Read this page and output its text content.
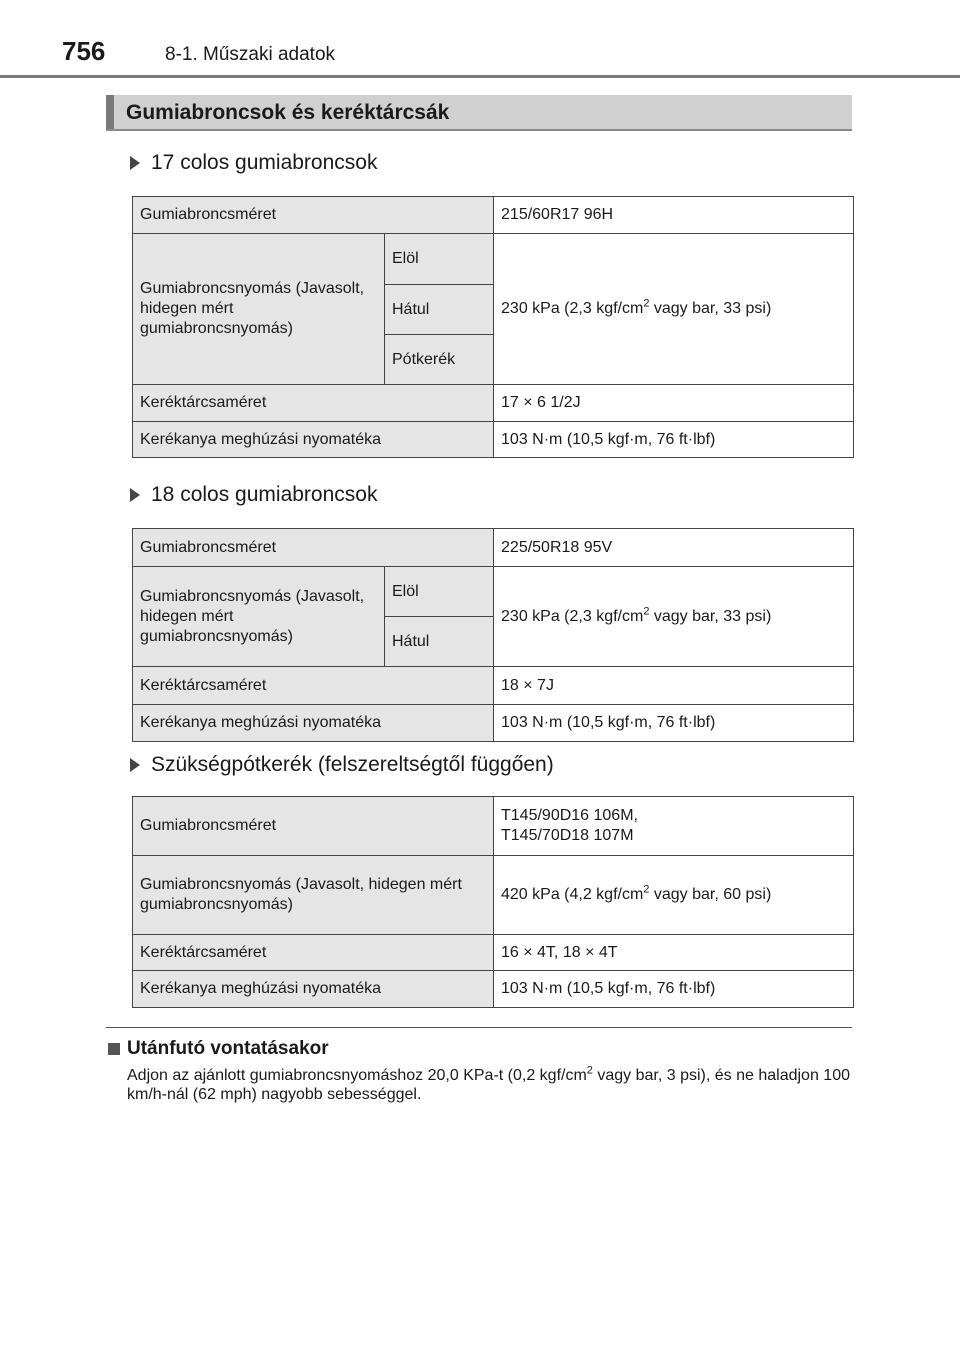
756	8-1. Műszaki adatok
Gumiabroncsok és keréktárcsák
17 colos gumiabroncsok
Gumiabroncsméret		215/60R17 96H
Gumiabroncsnyomás (Javasolt, hidegen mért gumiabroncsnyomás)	Elöl	230 kPa (2,3 kgf/$cm^2$ vagy bar, 33 psi)
	Hátul	
	Pótkerék	
Keréktárcsaméret		17 × 6 1/2J
Kerékanya meghúzási nyomatéka		103 N·m (10,5 kgf·m, 76 ft·lbf)
18 colos gumiabroncsok
Gumiabroncsméret		225/50R18 95V
Gumiabroncsnyomás (Javasolt, hidegen mért gumiabroncsnyomás)	Elöl	230 kPa (2,3 kgf/$cm^2$ vagy bar, 33 psi)
	Hátul	
Keréktárcsaméret		18 × 7J
Kerékanya meghúzási nyomatéka		103 N·m (10,5 kgf·m, 76 ft·lbf)
Szükségpótkerék (felszereltségtől függően)
Gumiabroncsméret	T145/90D16 106M,
T145/70D18 107M
Gumiabroncsnyomás (Javasolt, hidegen mért gumiabroncsnyomás)	420 kPa (4,2 kgf/$cm^2$ vagy bar, 60 psi)
Keréktárcsaméret	16 × 4T, 18 × 4T
Kerékanya meghúzási nyomatéka	103 N·m (10,5 kgf·m, 76 ft·lbf)
Utánfutó vontatásakor
Adjon az ajánlott gumiabroncsnyomáshoz 20,0 KPa-t (0,2 kgf/$cm^2$ vagy bar, 3 psi), és ne haladjon 100 km/h-nál (62 mph) nagyobb sebességgel.
